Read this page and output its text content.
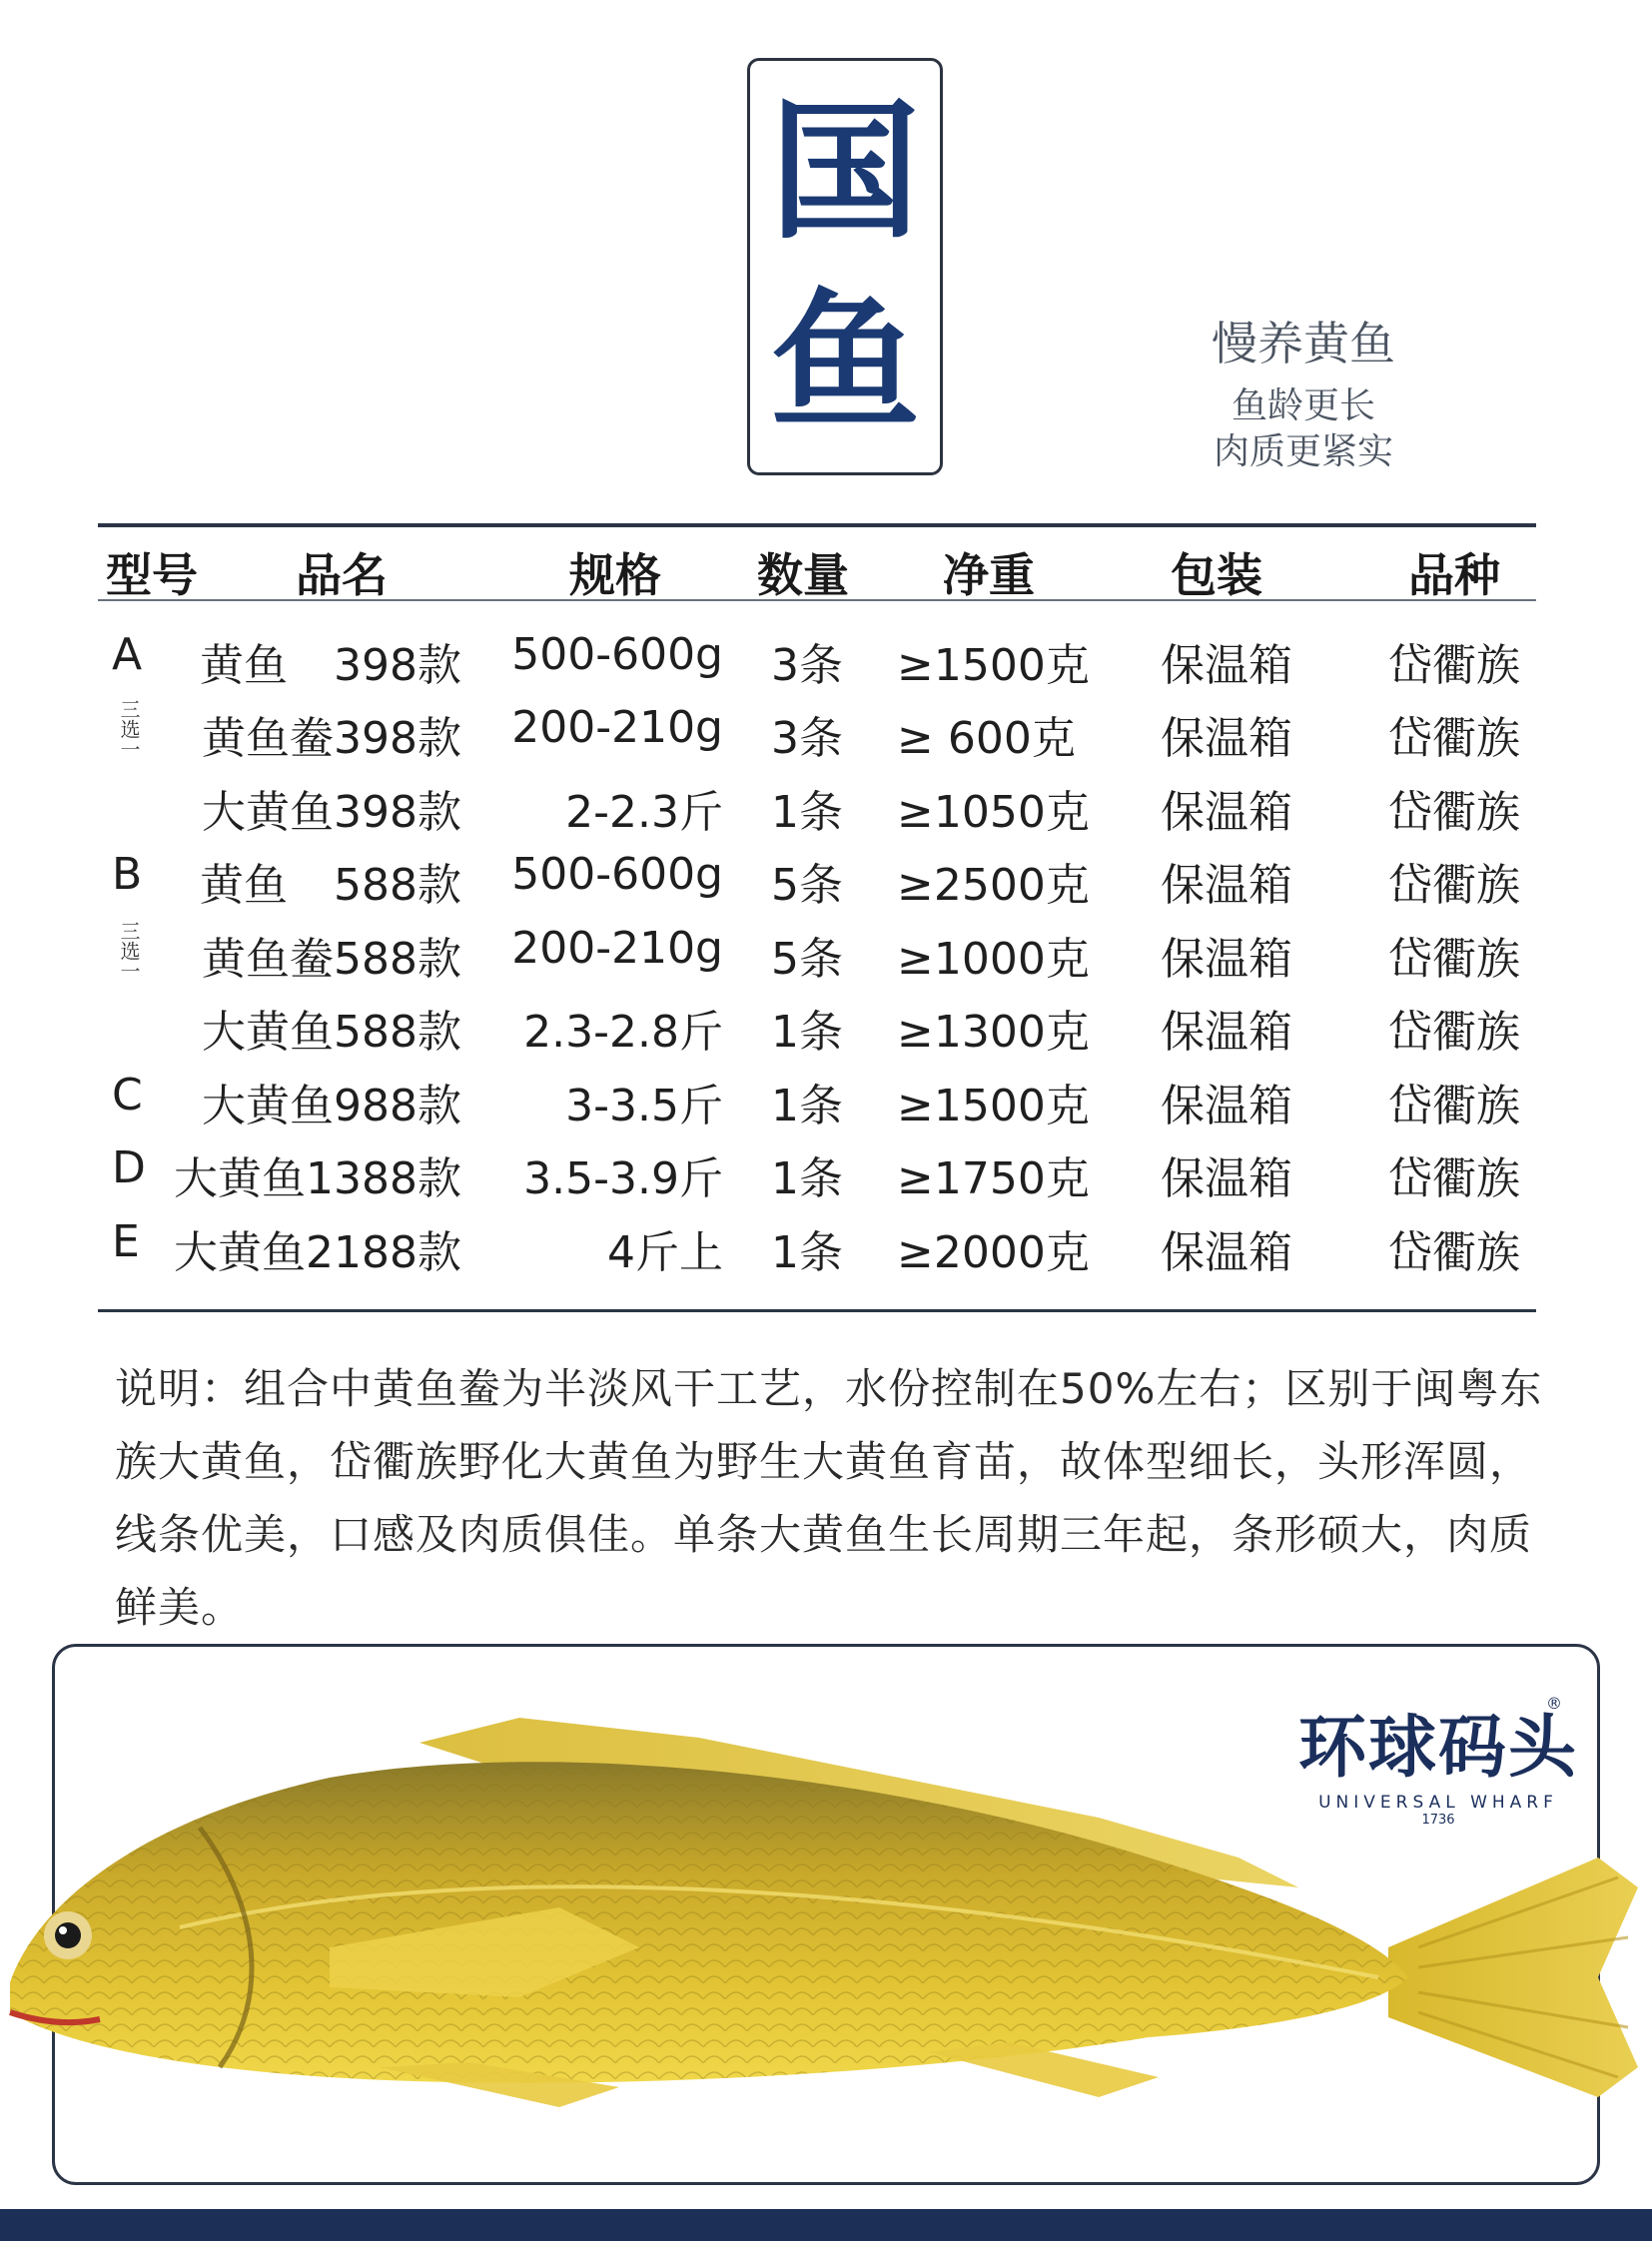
国
鱼	慢养黄鱼
鱼龄更长
肉质更紧实
型号 品名	规格 数量 净重	包装	品种
A 黄鱼 398款 500-600g 3条 ≥1500克 保温箱 岱衢族
黄鱼鲞398款 200-210g 3条 ≥ 600克 保温箱 岱衢族
大黄鱼398款 2-2.3斤 1条 ≥1050克 保温箱 岱衢族
B 黄鱼 588款 500-600g 5条 ≥2500克 保温箱 岱衢族
黄鱼鲞588款 200-210g 5条 ≥1000克 保温箱 岱衢族
大黄鱼588款 2.3-2.8斤 1条 ≥1300克 保温箱 岱衢族
C 大黄鱼988款 3-3.5斤 1条 ≥1500克 保温箱 岱衢族
D 大黄鱼1388款 3.5-3.9斤 1条 ≥1750克 保温箱 岱衢族
E 大黄鱼2188款	4斤上 1条 ≥2000克 保温箱 岱衢族
三选一
三选一
说明：组合中黄鱼鲞为半淡风干工艺，水份控制在50%左右；区别于闽粤东族大黄鱼，岱衢族野化大黄鱼为野生大黄鱼育苗，故体型细长，头形浑圆，线条优美，口感及肉质俱佳。单条大黄鱼生长周期三年起，条形硕大，肉质鲜美。
®
环球码头
UNIVERSAL WHARF
1736
